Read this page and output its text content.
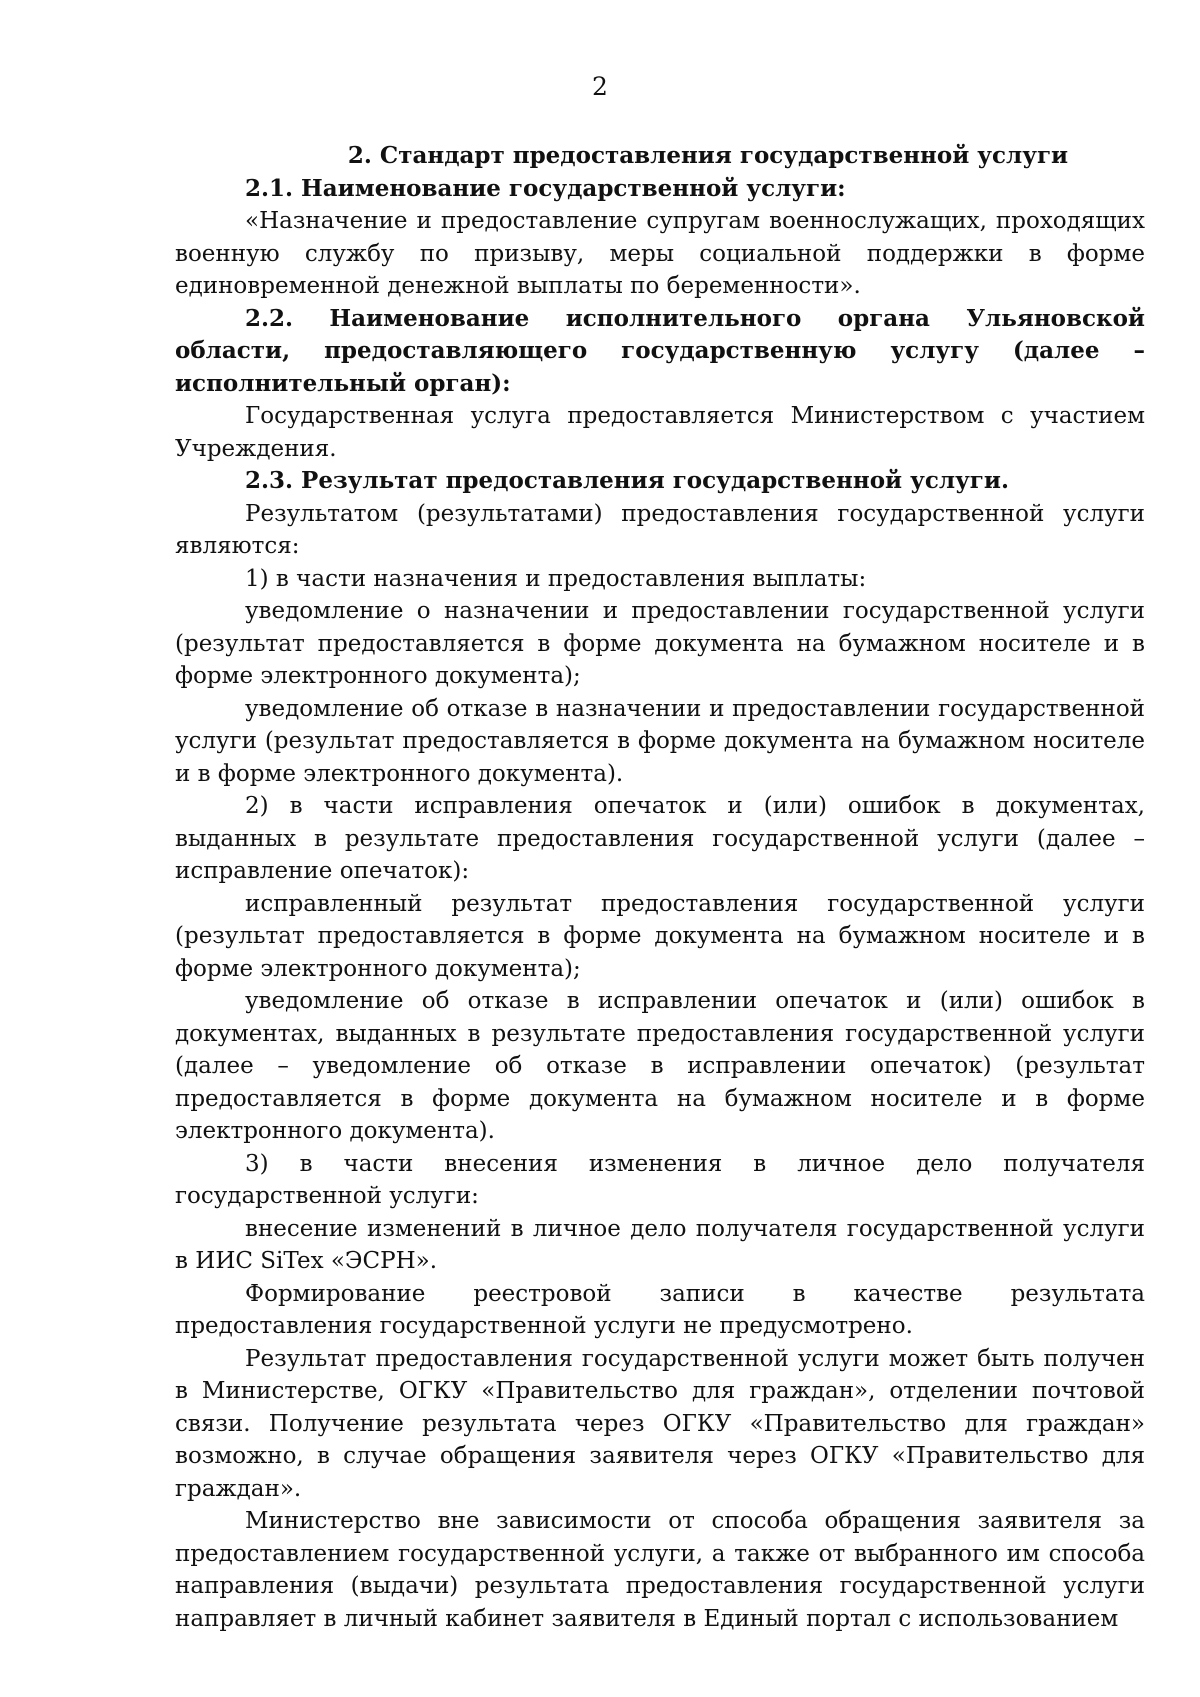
2

2. Стандарт предоставления государственной услуги

2.1. Наименование государственной услуги:

«Назначение и предоставление супругам военнослужащих, проходящих военную службу по призыву, меры социальной поддержки в форме единовременной денежной выплаты по беременности».

2.2. Наименование исполнительного органа Ульяновской области, предоставляющего государственную услугу (далее – исполнительный орган):

Государственная услуга предоставляется Министерством с участием Учреждения.

2.3. Результат предоставления государственной услуги.

Результатом (результатами) предоставления государственной услуги являются:

1) в части назначения и предоставления выплаты:

уведомление о назначении и предоставлении государственной услуги (результат предоставляется в форме документа на бумажном носителе и в форме электронного документа);

уведомление об отказе в назначении и предоставлении государственной услуги (результат предоставляется в форме документа на бумажном носителе и в форме электронного документа).

2) в части исправления опечаток и (или) ошибок в документах, выданных в результате предоставления государственной услуги (далее – исправление опечаток):

исправленный результат предоставления государственной услуги (результат предоставляется в форме документа на бумажном носителе и в форме электронного документа);

уведомление об отказе в исправлении опечаток и (или) ошибок в документах, выданных в результате предоставления государственной услуги (далее – уведомление об отказе в исправлении опечаток) (результат предоставляется в форме документа на бумажном носителе и в форме электронного документа).

3) в части внесения изменения в личное дело получателя государственной услуги:

внесение изменений в личное дело получателя государственной услуги в ИИС SiTex «ЭСРН».

Формирование реестровой записи в качестве результата предоставления государственной услуги не предусмотрено.

Результат предоставления государственной услуги может быть получен в Министерстве, ОГКУ «Правительство для граждан», отделении почтовой связи. Получение результата через ОГКУ «Правительство для граждан» возможно, в случае обращения заявителя через ОГКУ «Правительство для граждан».

Министерство вне зависимости от способа обращения заявителя за предоставлением государственной услуги, а также от выбранного им способа направления (выдачи) результата предоставления государственной услуги направляет в личный кабинет заявителя в Единый портал с использованием
